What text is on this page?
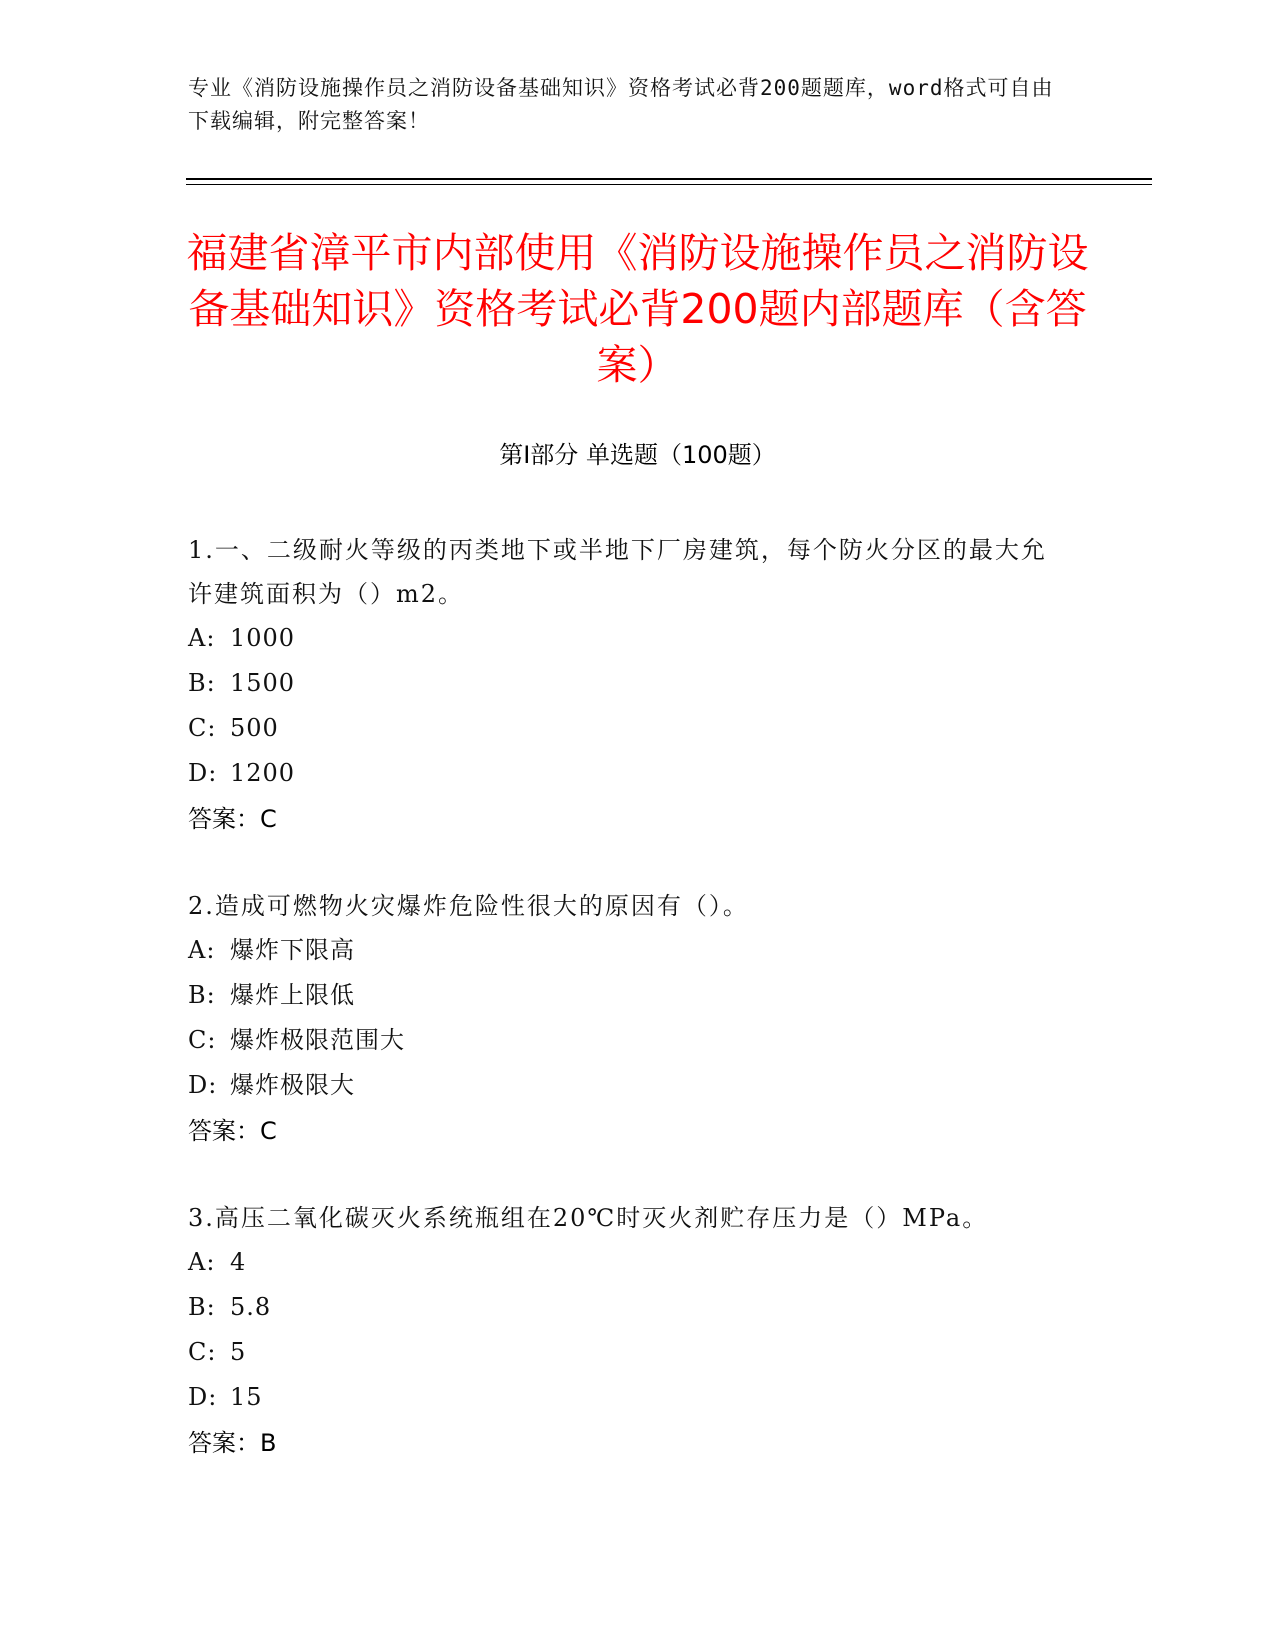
专业《消防设施操作员之消防设备基础知识》资格考试必背200题题库，word格式可自由下载编辑，附完整答案！
福建省漳平市内部使用《消防设施操作员之消防设备基础知识》资格考试必背200题内部题库（含答案）
第I部分 单选题（100题）
1.一、二级耐火等级的丙类地下或半地下厂房建筑，每个防火分区的最大允许建筑面积为（）m2。
A: 1000
B: 1500
C: 500
D: 1200
答案：C
2.造成可燃物火灾爆炸危险性很大的原因有（）。
A: 爆炸下限高
B: 爆炸上限低
C: 爆炸极限范围大
D: 爆炸极限大
答案：C
3.高压二氧化碳灭火系统瓶组在20℃时灭火剂贮存压力是（）MPa。
A: 4
B: 5.8
C: 5
D: 15
答案：B
